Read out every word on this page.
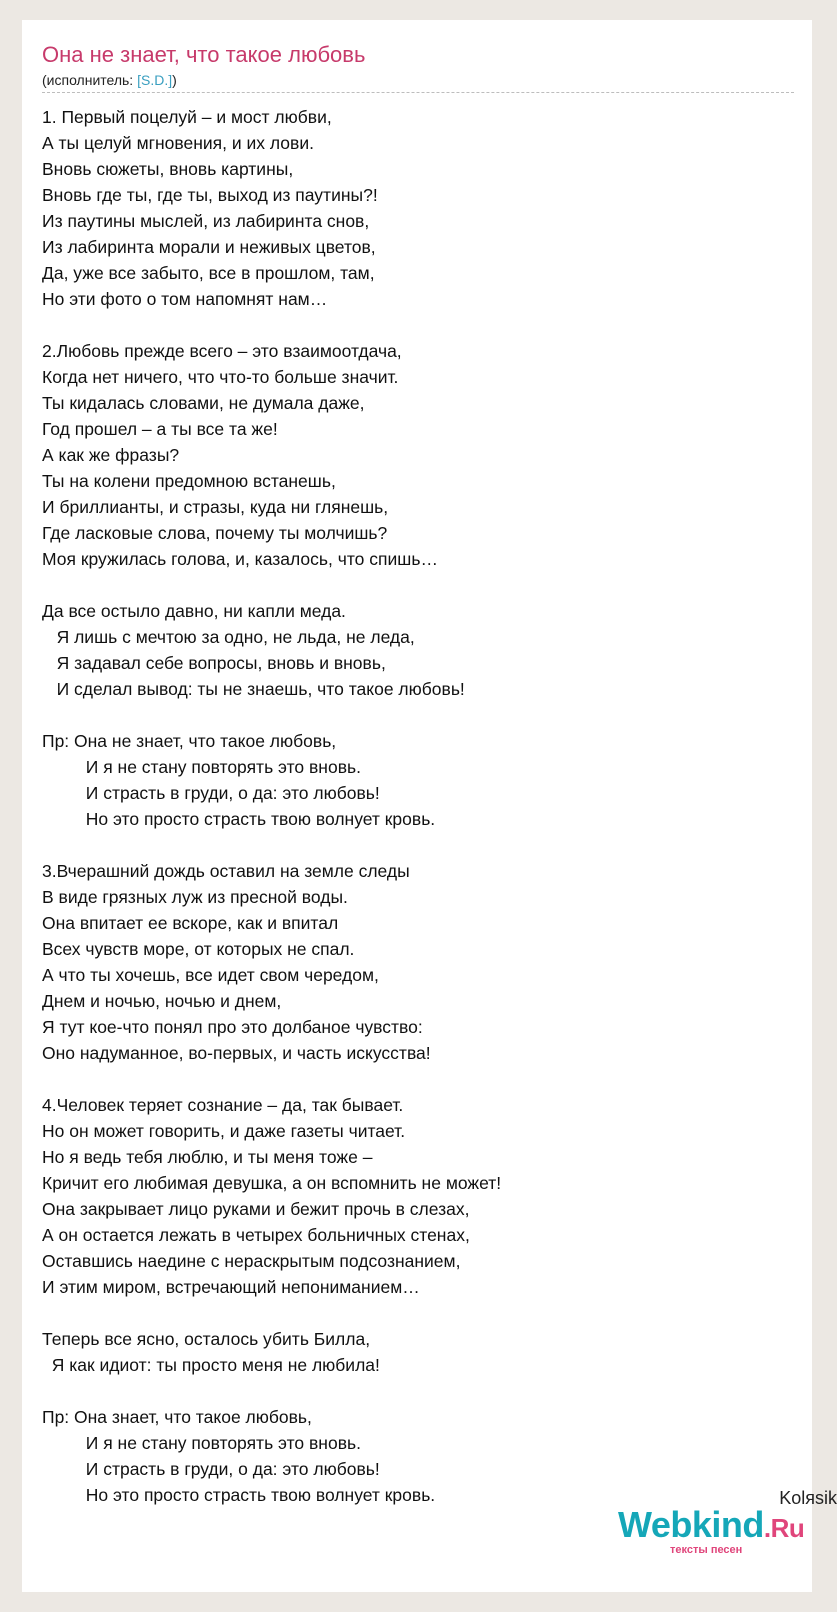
Она не знает, что такое любовь
(исполнитель: [S.D.])
1. Первый поцелуй – и мост любви,
А ты целуй мгновения, и их лови.
Вновь сюжеты, вновь картины,
Вновь где ты, где ты, выход из паутины?!
Из паутины мыслей, из лабиринта снов,
Из лабиринта морали и неживых цветов,
Да, уже все забыто, все в прошлом, там,
Но эти фото о том напомнят нам…

2.Любовь прежде всего – это взаимоотдача,
Когда нет ничего, что что-то больше значит.
Ты кидалась словами, не думала даже,
Год прошел – а ты все та же!
А как же фразы?
Ты на колени предомною встанешь,
И бриллианты, и стразы, куда ни глянешь,
Где ласковые слова, почему ты молчишь?
Моя кружилась голова, и, казалось, что спишь…

Да все остыло давно, ни капли меда.
Я лишь с мечтою за одно, не льда, не леда,
Я задавал себе вопросы, вновь и вновь,
И сделал вывод: ты не знаешь, что такое любовь!

Пр: Она не знает, что такое любовь,
И я не стану повторять это вновь.
И страсть в груди, о да: это любовь!
Но это просто страсть твою волнует кровь.

3.Вчерашний дождь оставил на земле следы
В виде грязных луж из пресной воды.
Она впитает ее вскоре, как и впитал
Всех чувств море, от которых не спал.
А что ты хочешь, все идет свом чередом,
Днем и ночью, ночью и днем,
Я тут кое-что понял про это долбаное чувство:
Оно надуманное, во-первых, и часть искусства!

4.Человек теряет сознание – да, так бывает.
Но он может говорить, и даже газеты читает.
Но я ведь тебя люблю, и ты меня тоже –
Кричит его любимая девушка, а он вспомнить не может!
Она закрывает лицо руками и бежит прочь в слезах,
А он остается лежать в четырех больничных стенах,
Оставшись наедине с нераскрытым подсознанием,
И этим миром, встречающий непониманием…

Теперь все ясно, осталось убить Билла,
Я как идиот: ты просто меня не любила!

Пр: Она знает, что такое любовь,
И я не стану повторять это вновь.
И страсть в груди, о да: это любовь!
Но это просто страсть твою волнует кровь.	Kolяsik
Webkind.Ru
тексты песен
